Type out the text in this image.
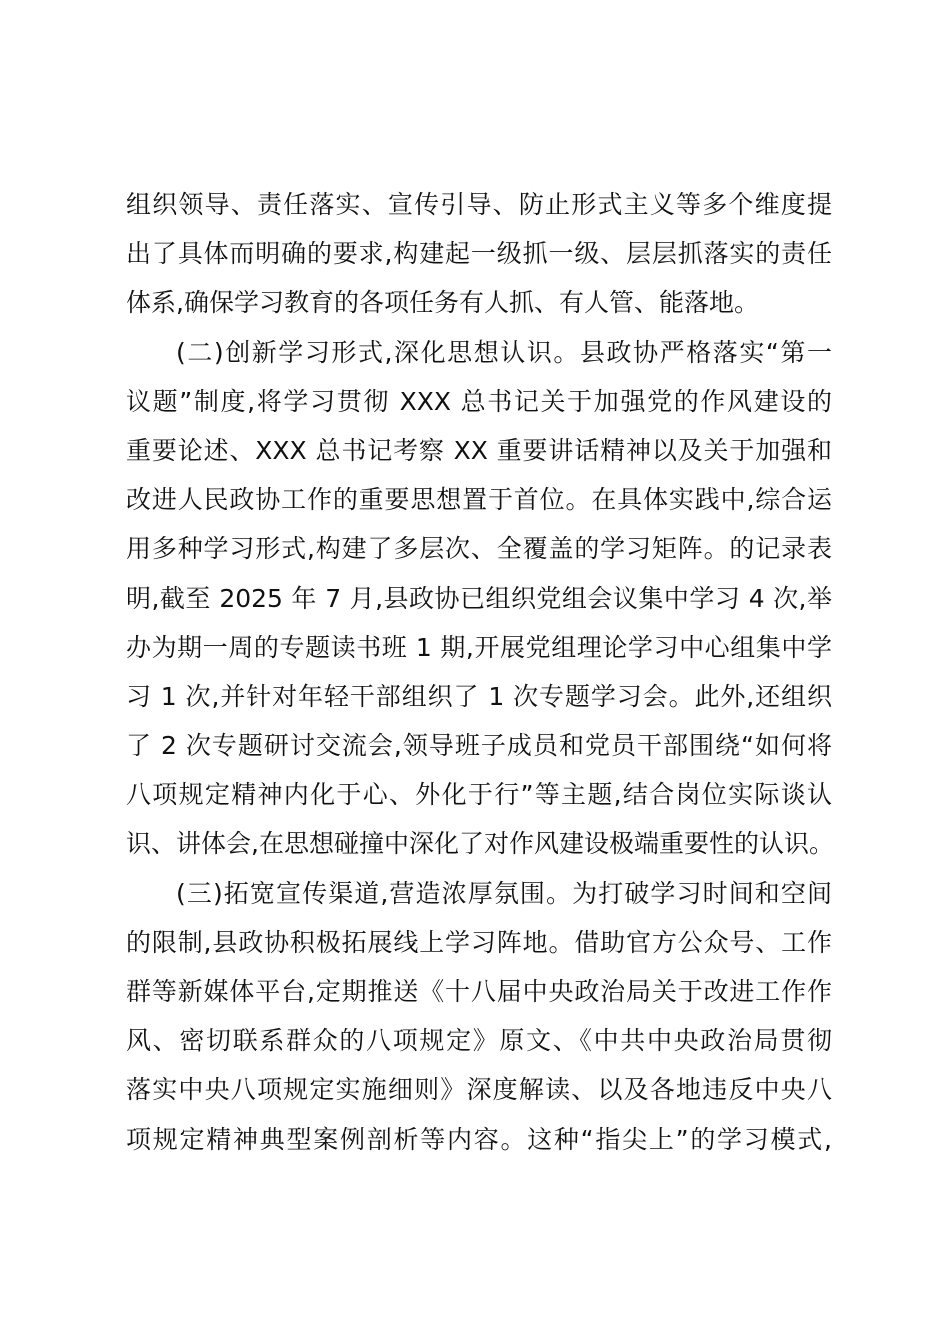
组织领导、责任落实、宣传引导、防止形式主义等多个维度提
出了具体而明确的要求,构建起一级抓一级、层层抓落实的责任
体系,确保学习教育的各项任务有人抓、有人管、能落地。
(二)创新学习形式,深化思想认识。县政协严格落实“第一
议题”制度,将学习贯彻 XXX 总书记关于加强党的作风建设的
重要论述、XXX 总书记考察 XX 重要讲话精神以及关于加强和
改进人民政协工作的重要思想置于首位。在具体实践中,综合运
用多种学习形式,构建了多层次、全覆盖的学习矩阵。的记录表
明,截至 2025 年 7 月,县政协已组织党组会议集中学习 4 次,举
办为期一周的专题读书班 1 期,开展党组理论学习中心组集中学
习 1 次,并针对年轻干部组织了 1 次专题学习会。此外,还组织
了 2 次专题研讨交流会,领导班子成员和党员干部围绕“如何将
八项规定精神内化于心、外化于行”等主题,结合岗位实际谈认
识、讲体会,在思想碰撞中深化了对作风建设极端重要性的认识。
(三)拓宽宣传渠道,营造浓厚氛围。为打破学习时间和空间
的限制,县政协积极拓展线上学习阵地。借助官方公众号、工作
群等新媒体平台,定期推送《十八届中央政治局关于改进工作作
风、密切联系群众的八项规定》原文、《中共中央政治局贯彻
落实中央八项规定实施细则》深度解读、以及各地违反中央八
项规定精神典型案例剖析等内容。这种“指尖上”的学习模式,
